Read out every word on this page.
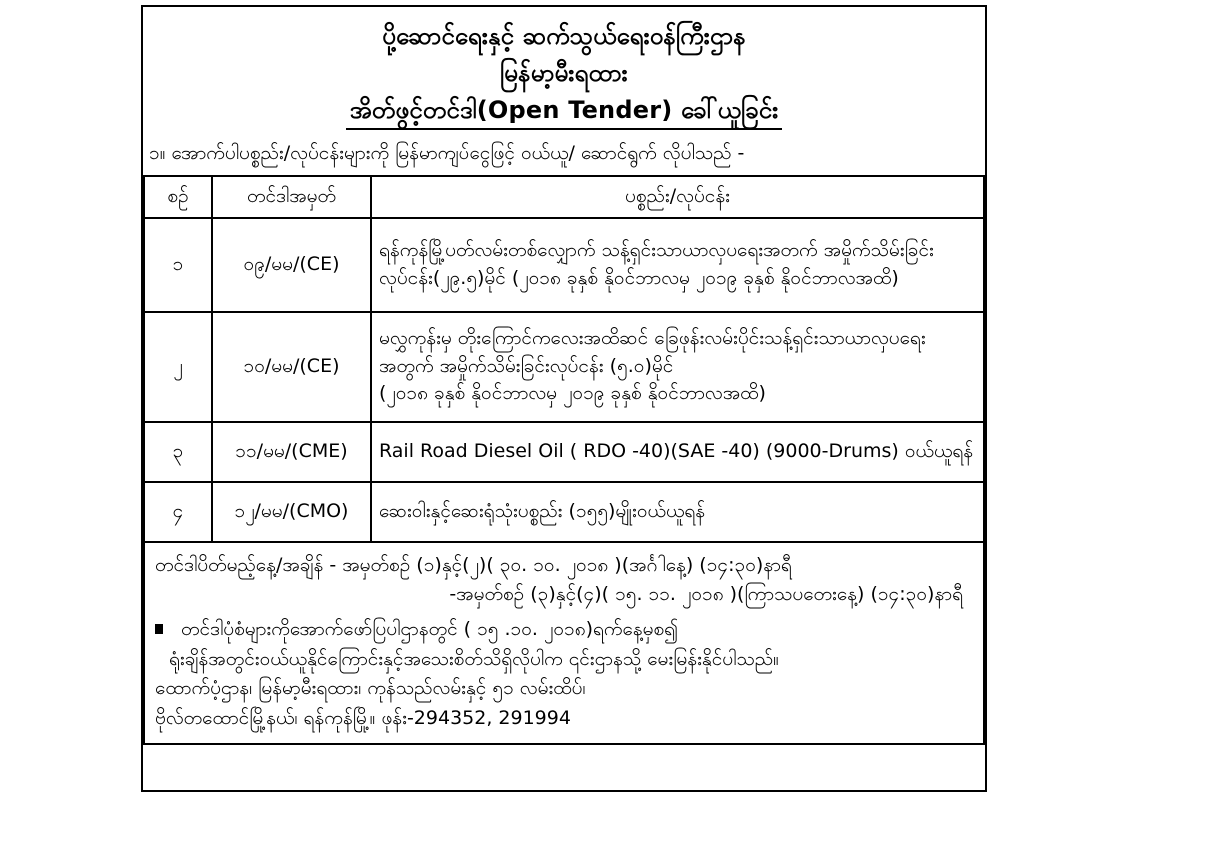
ပို့ဆောင်ရေးနှင့် ဆက်သွယ်ရေးဝန်ကြီးဌာန
မြန်မာ့မီးရထား
အိတ်ဖွင့်တင်ဒါ(Open Tender) ခေါ်ယူခြင်း
၁။ အောက်ပါပစ္စည်း/လုပ်ငန်းများကို မြန်မာကျပ်ငွေဖြင့် ဝယ်ယူ/ ဆောင်ရွက် လိုပါသည် -
စဉ်	တင်ဒါအမှတ်	ပစ္စည်း/လုပ်ငန်း
၁	၀၉/မမ/(CE)	ရန်ကုန်မြို့ပတ်လမ်းတစ်လျှောက် သန့်ရှင်းသာယာလှပရေးအတက် အမှိုက်သိမ်းခြင်း
လုပ်ငန်း(၂၉.၅)မိုင် (၂၀၁၈ ခုနှစ် နိုဝင်ဘာလမှ ၂၀၁၉ ခုနှစ် နိုဝင်ဘာလအထိ)

၂	၁၀/မမ/(CE)	မလွှကုန်းမှ တိုးကြောင်ကလေးအထိဆင် ခြေဖုန်းလမ်းပိုင်းသန့်ရှင်းသာယာလှပရေး
အတွက် အမှိုက်သိမ်းခြင်းလုပ်ငန်း (၅.၀)မိုင်
(၂၀၁၈ ခုနှစ် နိုဝင်ဘာလမှ ၂၀၁၉ ခုနှစ် နိုဝင်ဘာလအထိ)

၃	၁၁/မမ/(CME)	Rail Road Diesel Oil ( RDO -40)(SAE -40) (9000-Drums) ဝယ်ယူရန်

၄	၁၂/မမ/(CMO)	ဆေးဝါးနှင့်ဆေးရုံသုံးပစ္စည်း (၁၅၅)မျိုးဝယ်ယူရန်
တင်ဒါပိတ်မည့်နေ့/အချိန် - အမှတ်စဉ် (၁)နှင့်(၂)( ၃၀. ၁၀. ၂၀၁၈ )(အင်္ဂါနေ့) (၁၄:၃၀)နာရီ
-အမှတ်စဉ် (၃)နှင့်(၄)( ၁၅. ၁၁. ၂၀၁၈ )(ကြာသပတေးနေ့) (၁၄:၃၀)နာရီ
တင်ဒါပုံစံများကိုအောက်ဖော်ပြပါဌာနတွင် ( ၁၅ .၁၀. ၂၀၁၈)ရက်နေ့မှစ၍
ရုံးချိန်အတွင်းဝယ်ယူနိုင်ကြောင်းနှင့်အသေးစိတ်သိရှိလိုပါက ၎င်းဌာနသို့ မေးမြန်းနိုင်ပါသည်။
ထောက်ပံ့ဌာန၊ မြန်မာ့မီးရထား၊ ကုန်သည်လမ်းနှင့် ၅၁ လမ်းထိပ်၊
ဗိုလ်တထောင်မြို့နယ်၊ ရန်ကုန်မြို့။ ဖုန်း-294352, 291994
